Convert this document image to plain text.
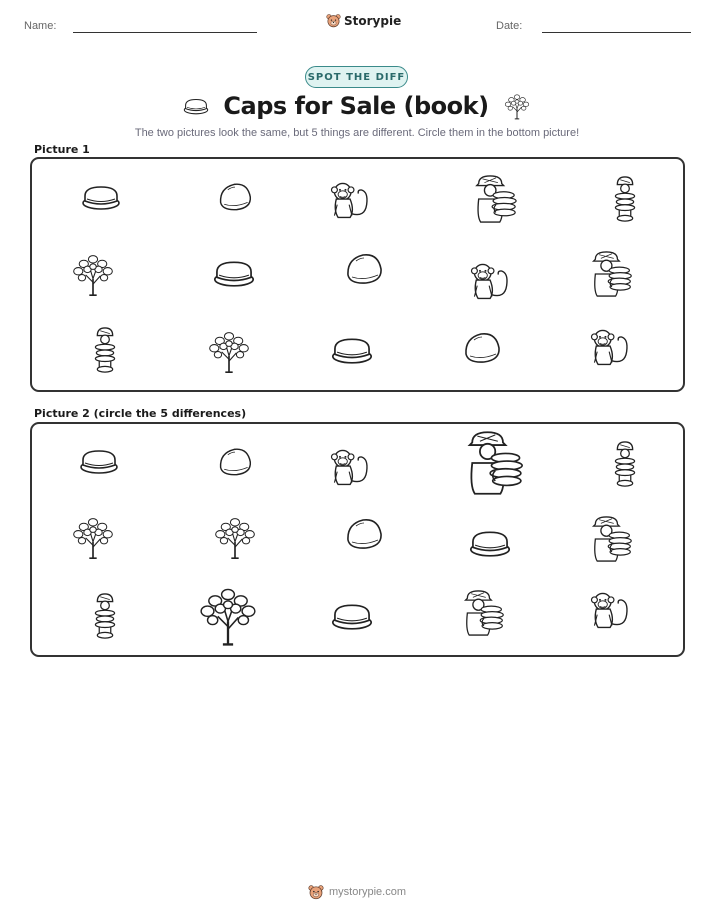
Name:	Storypie	Date:
SPOT THE DIFF
Caps for Sale (book)

The two pictures look the same, but 5 things are different. Circle them in the bottom picture!

Picture 1
Picture 2 (circle the 5 differences)
mystorypie.com
